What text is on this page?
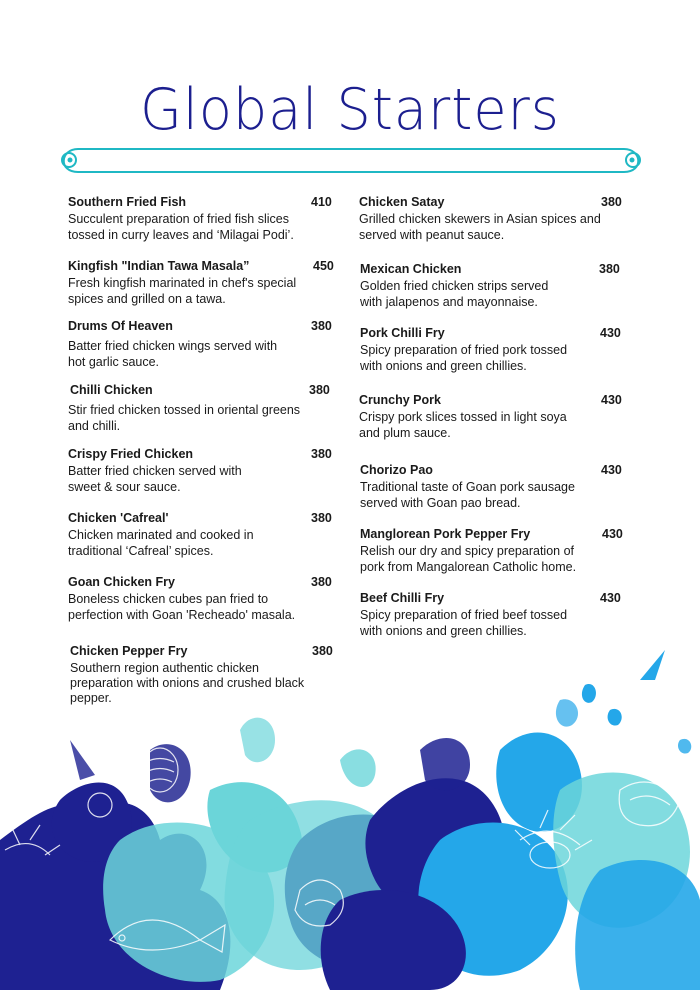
Global Starters
Southern Fried Fish
Succulent preparation of fried fish slices
tossed in curry leaves and ‘Milagai Podi’.
410
Kingfish "Indian Tawa Masala”
Fresh kingfish marinated in chef's special
spices and grilled on a tawa.
450
Drums Of Heaven
Batter fried chicken wings served with
hot garlic sauce.
380
Chilli Chicken
Stir fried chicken tossed in oriental greens
and chilli.
380
Crispy Fried Chicken
Batter fried chicken served with
sweet & sour sauce.
380
Chicken 'Cafreal'
Chicken marinated and cooked in
traditional ‘Cafreal’ spices.
380
Goan Chicken Fry
Boneless chicken cubes pan fried to
perfection with Goan 'Recheado' masala.
380
Chicken Pepper Fry
Southern region authentic chicken
preparation with onions and crushed black
pepper.
380
Chicken Satay
Grilled chicken skewers in Asian spices and
served with peanut sauce.
380
Mexican Chicken
Golden fried chicken strips served
with jalapenos and mayonnaise.
380
Pork Chilli Fry
Spicy preparation of fried pork tossed
with onions and green chillies.
430
Crunchy Pork
Crispy pork slices tossed in light soya
and plum sauce.
430
Chorizo Pao
Traditional taste of Goan pork sausage
served with Goan pao bread.
430
Manglorean Pork Pepper Fry
Relish our dry and spicy preparation of
pork from Mangalorean Catholic home.
430
Beef Chilli Fry
Spicy preparation of fried beef tossed
with onions and green chillies.
430
